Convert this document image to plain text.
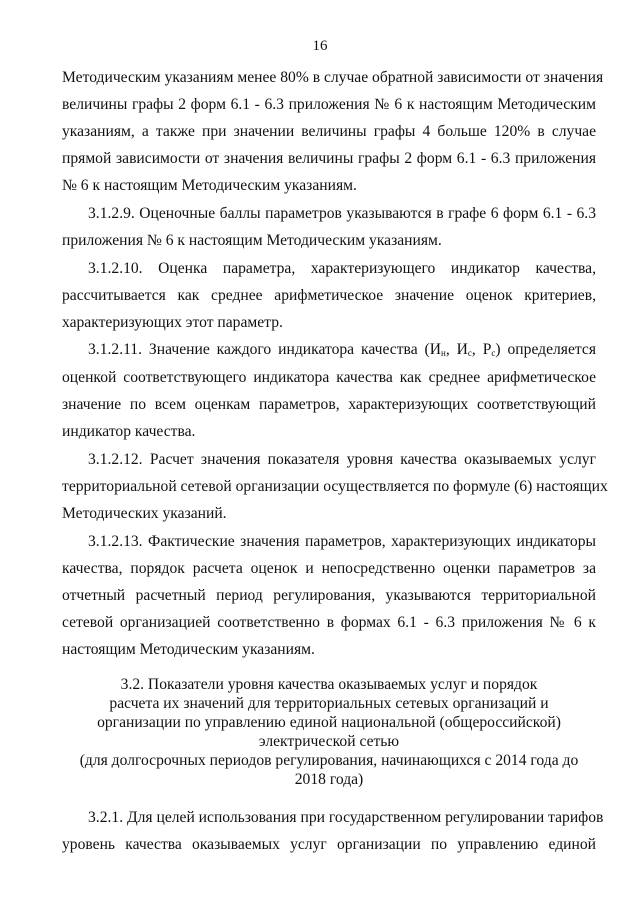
16
Методическим указаниям менее 80% в случае обратной зависимости от значения
величины графы 2 форм 6.1 - 6.3 приложения № 6 к настоящим Методическим
указаниям, а также при значении величины графы 4 больше 120% в случае
прямой зависимости от значения величины графы 2 форм 6.1 - 6.3 приложения
№ 6 к настоящим Методическим указаниям.
3.1.2.9. Оценочные баллы параметров указываются в графе 6 форм 6.1 - 6.3
приложения № 6 к настоящим Методическим указаниям.
3.1.2.10. Оценка параметра, характеризующего индикатор качества,
рассчитывается как среднее арифметическое значение оценок критериев,
характеризующих этот параметр.
3.1.2.11. Значение каждого индикатора качества ($И_н$, $И_с$, $Р_с$) определяется
оценкой соответствующего индикатора качества как среднее арифметическое
значение по всем оценкам параметров, характеризующих соответствующий
индикатор качества.
3.1.2.12. Расчет значения показателя уровня качества оказываемых услуг
территориальной сетевой организации осуществляется по формуле (6) настоящих
Методических указаний.
3.1.2.13. Фактические значения параметров, характеризующих индикаторы
качества, порядок расчета оценок и непосредственно оценки параметров за
отчетный расчетный период регулирования, указываются территориальной
сетевой организацией соответственно в формах 6.1 - 6.3 приложения № 6 к
настоящим Методическим указаниям.
3.2. Показатели уровня качества оказываемых услуг и порядок
расчета их значений для территориальных сетевых организаций и
организации по управлению единой национальной (общероссийской)
электрической сетью
(для долгосрочных периодов регулирования, начинающихся с 2014 года до
2018 года)
3.2.1. Для целей использования при государственном регулировании тарифов
уровень качества оказываемых услуг организации по управлению единой
